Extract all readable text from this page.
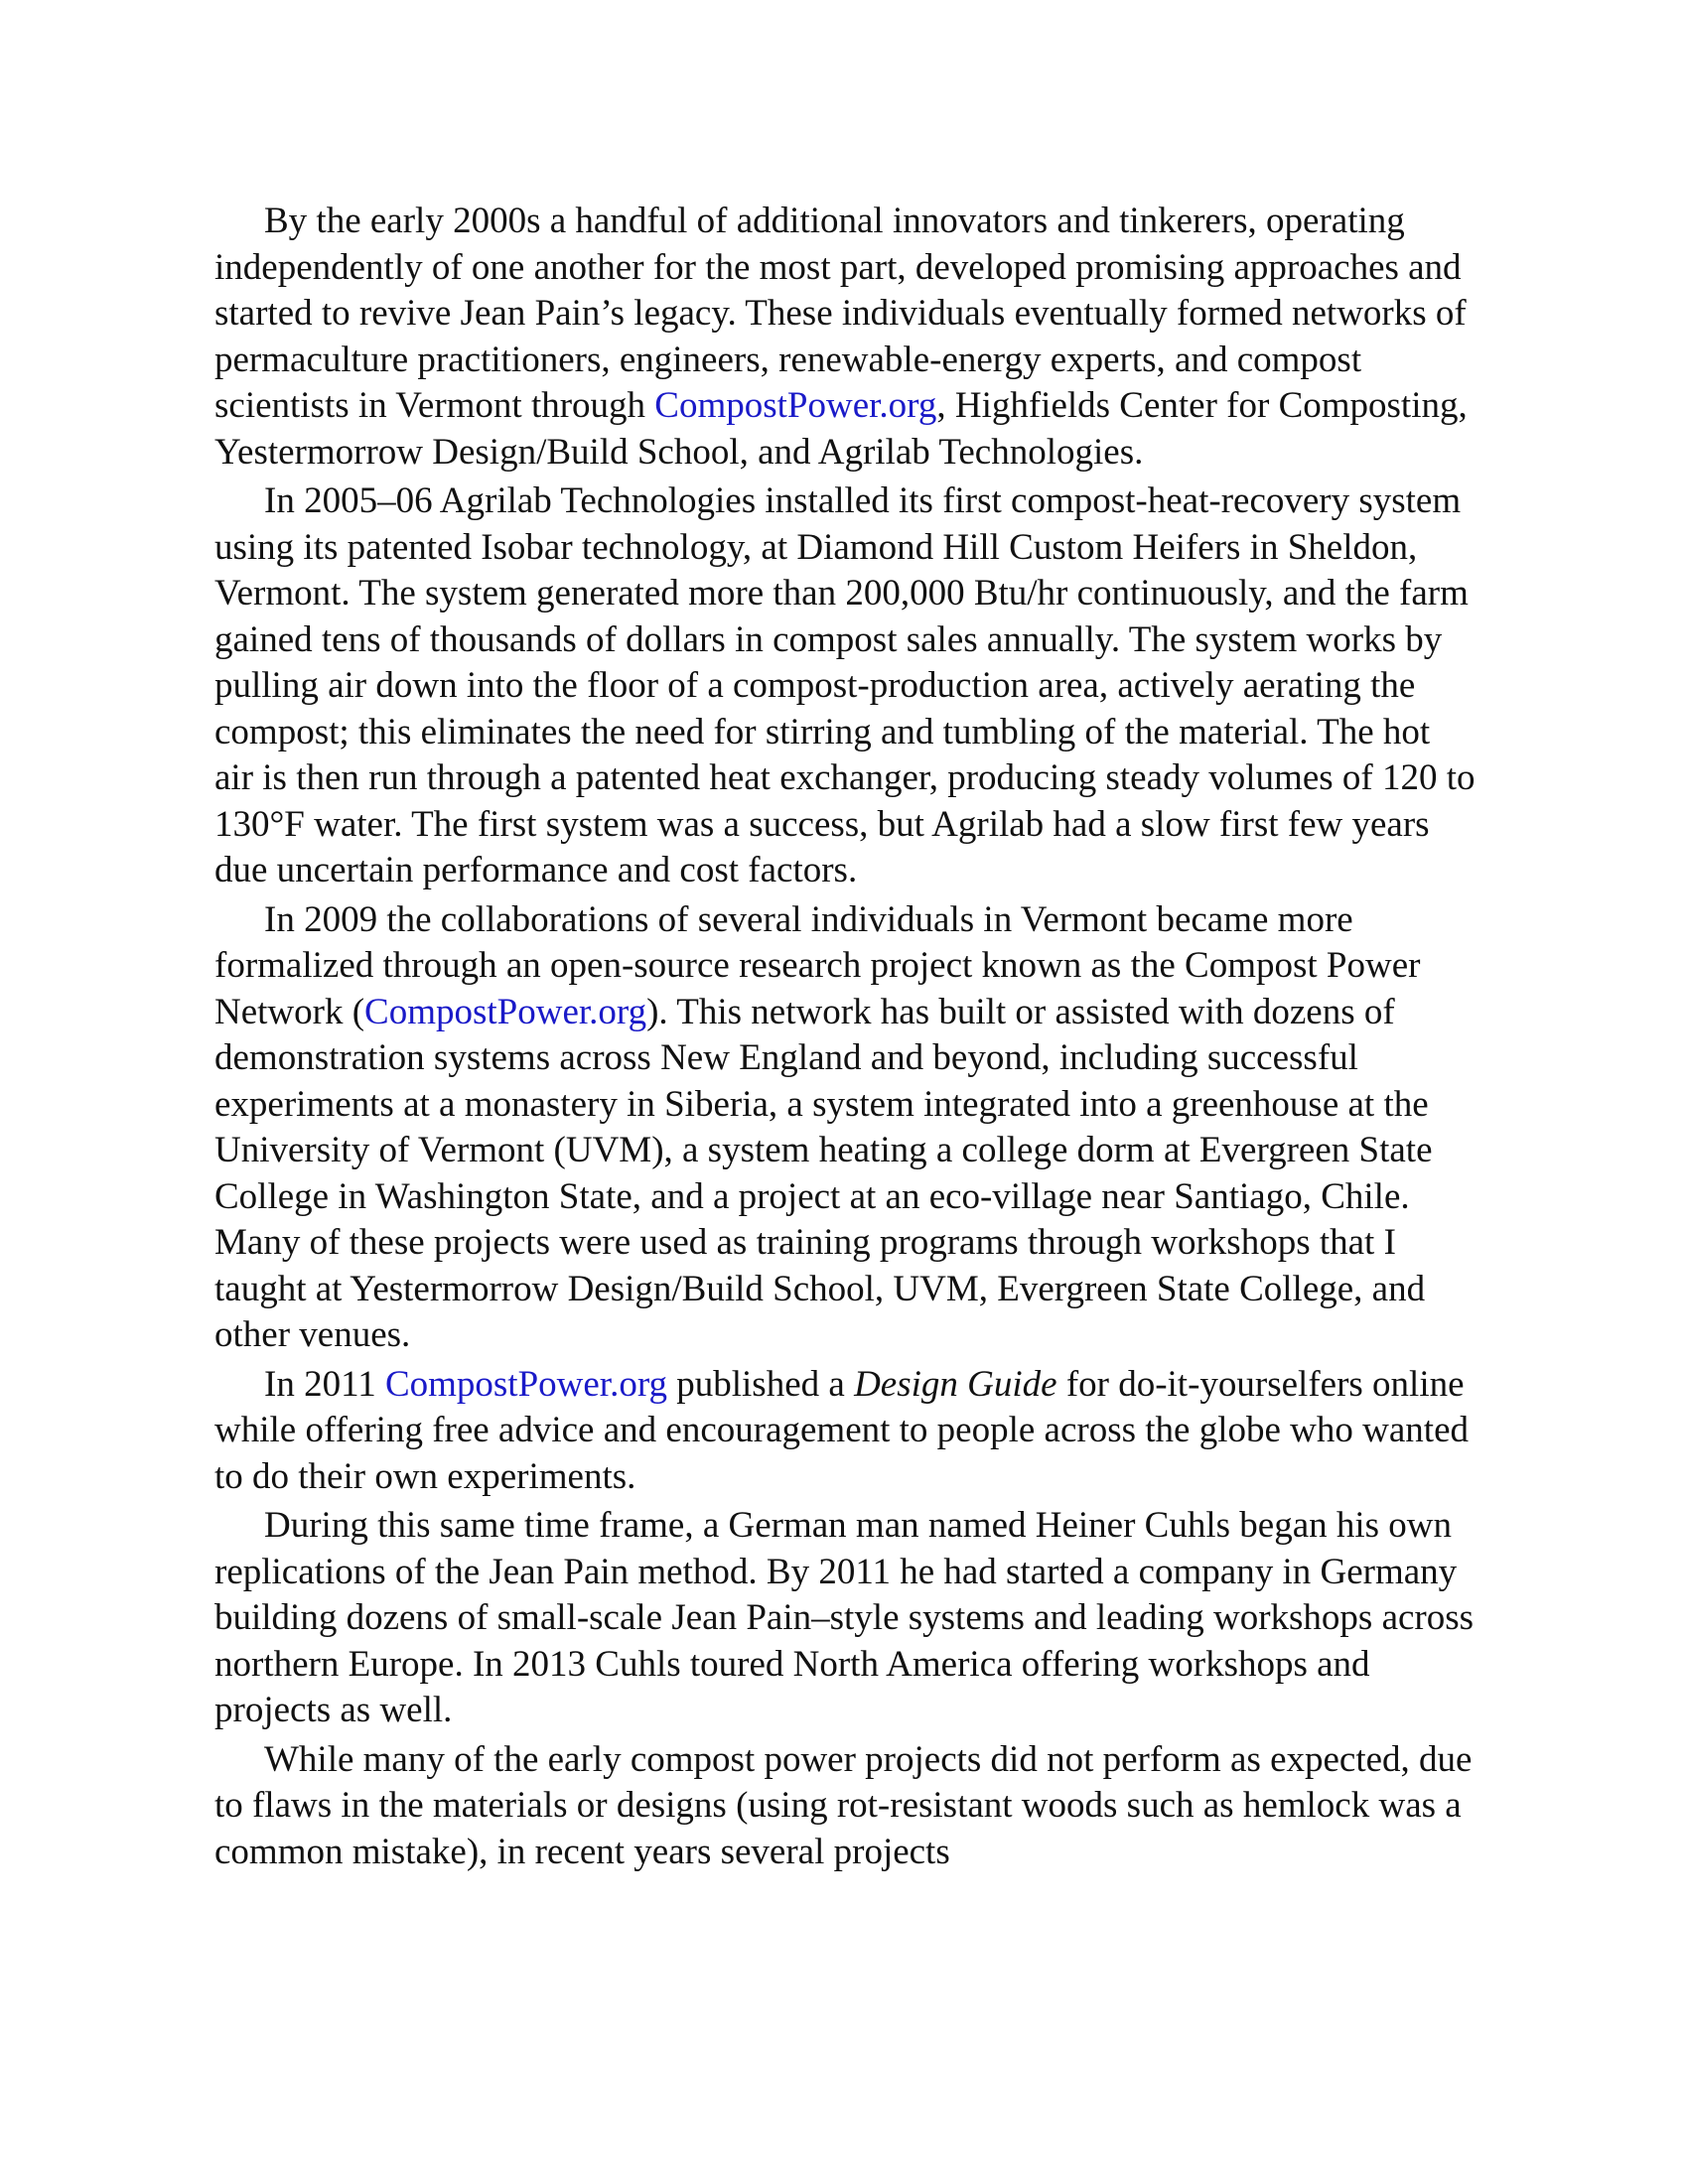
By the early 2000s a handful of additional innovators and tinkerers, operating independently of one another for the most part, developed promising approaches and started to revive Jean Pain’s legacy. These individuals eventually formed networks of permaculture practitioners, engineers, renewable-energy experts, and compost scientists in Vermont through CompostPower.org, Highfields Center for Composting, Yestermorrow Design/Build School, and Agrilab Technologies.

In 2005–06 Agrilab Technologies installed its first compost-heat-recovery system using its patented Isobar technology, at Diamond Hill Custom Heifers in Sheldon, Vermont. The system generated more than 200,000 Btu/hr continuously, and the farm gained tens of thousands of dollars in compost sales annually. The system works by pulling air down into the floor of a compost-production area, actively aerating the compost; this eliminates the need for stirring and tumbling of the material. The hot air is then run through a patented heat exchanger, producing steady volumes of 120 to 130°F water. The first system was a success, but Agrilab had a slow first few years due uncertain performance and cost factors.

In 2009 the collaborations of several individuals in Vermont became more formalized through an open-source research project known as the Compost Power Network (CompostPower.org). This network has built or assisted with dozens of demonstration systems across New England and beyond, including successful experiments at a monastery in Siberia, a system integrated into a greenhouse at the University of Vermont (UVM), a system heating a college dorm at Evergreen State College in Washington State, and a project at an eco-village near Santiago, Chile. Many of these projects were used as training programs through workshops that I taught at Yestermorrow Design/Build School, UVM, Evergreen State College, and other venues.

In 2011 CompostPower.org published a Design Guide for do-it-yourselfers online while offering free advice and encouragement to people across the globe who wanted to do their own experiments.

During this same time frame, a German man named Heiner Cuhls began his own replications of the Jean Pain method. By 2011 he had started a company in Germany building dozens of small-scale Jean Pain–style systems and leading workshops across northern Europe. In 2013 Cuhls toured North America offering workshops and projects as well.

While many of the early compost power projects did not perform as expected, due to flaws in the materials or designs (using rot-resistant woods such as hemlock was a common mistake), in recent years several projects
